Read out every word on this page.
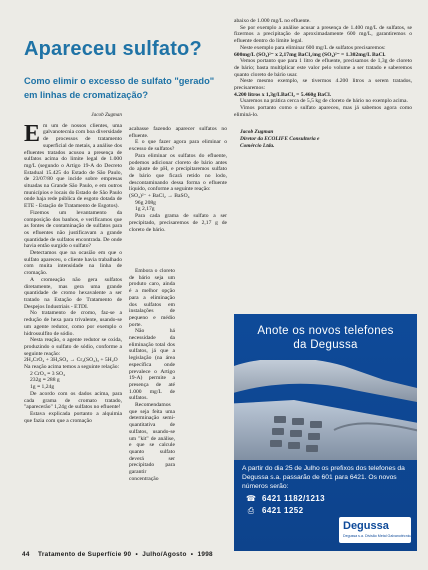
Apareceu sulfato?
Como elimir o excesso de sulfato "gerado" em linhas de cromatização?
Jacob Zugman

Em um de nossos clientes, uma galvanotecnia com boa diversidade de processos de tratamento superficial de metais, a análise dos efluentes tratados acusou a presença de sulfatos acima do limite legal de 1.000 mg/L (segundo o Artigo 19-A do Decreto Estadual 15.425 do Estado de São Paulo, de 23/07/80 que incide sobre empresas situadas na Grande São Paulo, e em outros municípios e locais do Estado de São Paulo onde haja rede pública de esgoto dotada de ETE - Estação de Tratamento de Esgotos).

Fizemos um levantamento da composição dos banhos, e verificamos que as fontes de contaminação de sulfatos para os efluentes não justificavam a grande quantidade de sulfatos encontrada. De onde havia então surgido o sulfato?

Detectamos que na ocasião em que o sulfato apareceu, o cliente havia trabalhado com muita intensidade na linha de cromação.

A cromeação não gera sulfatos diretamente, mas gera uma grande quantidade de cromo hexavalente a ser tratado na Estação de Tratamento de Despejos Industriais - ETDI.

No tratamento de cromo, faz-se a redução de hexa para trivalente, usando-se um agente redutor, como por exemplo o hidrossulfito de sódio.

Nesta reação, o agente redutor se oxida, produzindo o sulfato de sódio, conforme a seguinte reação:

2H₂CrO₄ + 3H₂SO₃ → Cr₂(SO₄)₃ + 5H₂O

Na reação acima temos a seguinte relação:

2 CrO₃ ≡ 3 SO₄

232g ≡ 288 g

1g ≡ 1,24g

De acordo com os dados acima, para cada grama de cromato tratado, "aparecerão" 1,24g de sulfatos no efluente!

Estava explicada portanto a alquimia que fazia com que a cromação

acabasse fazendo aparecer sulfatos no efluente.

E o que fazer agora para eliminar o excesso de sulfatos?

Para eliminar os sulfatos do efluente, podemos adicionar cloreto de bário antes do ajuste de pH, e precipitaremos sulfato de bário que ficará retido no lodo, descontaminando dessa forma o efluente líquido, conforme a seguinte reação:

(SO₄)²⁻ + BaCl₂ → BaSO₄

96g 208g

1g 2,17g

Para cada grama de sulfato a ser precipitado, precisaremos de 2,17 g de cloreto de bário.

Embora o cloreto de bário seja um produto caro, ainda é a melhor opção para a eliminação dos sulfatos em instalações de pequeno e médio porte.

Não há necessidade da eliminação total dos sulfatos, já que a legislação (na área específica onde prevalece o Artigo 19-A) permite a presença de até 1.000 mg/L de sulfatos.

Recomendamos que seja feita uma determinação semi-quantitativa de sulfatos, usando-se um "kit" de análise, e que se calcule quanto sulfato deverá ser precipitado para garantir concentração

abaixo de 1.000 mg/L no efluente.

Se por exemplo a análise acusar a presença de 1.400 mg/L de sulfatos, se fizermos a precipitação de aproximadamente 600 mg/L, garantiremos o efluente dentro do limite legal.

Neste exemplo para eliminar 600 mg/L de sulfatos precisaremos:

600mg/L (SO₄)²⁻ x 2,17mg BaCl₂/mg (SO₄)²⁻ = 1.302mg/L BaCl.

Vemos portanto que para 1 litro de efluente, precisamos de 1,3g de cloreto de bário; basta multiplicar este valor pelo volume a ser tratado e saberemos quanto cloreto de bário usar.

Neste mesmo exemplo, se tivermos 4.200 litros a serem tratados, precisaremos:

4.200 litros x 1,3g/LBaCl₂ = 5.460g BaCl.

Usaremos na prática cerca de 5,5 kg de cloreto de bário no exemplo acima.

Vimos portanto como o sulfato apareceu, mas já sabemos agora como eliminá-lo.

Jacob Zugman

Diretor da ECOLIFE Consultoria e

Comércio Ltda.

Anote os novos telefones
da Degussa
A partir do dia 25 de Julho os prefixos dos telefones da Degussa s.a. passarão de 601 para 6421. Os novos números serão:
☎ 6421 1182/1213
⎙ 6421 1252
Degussa
Degussa s.a. Divisão Metal Galvanotécnica
44 Tratamento de Superfície 90  •  Julho/Agosto  •  1998
